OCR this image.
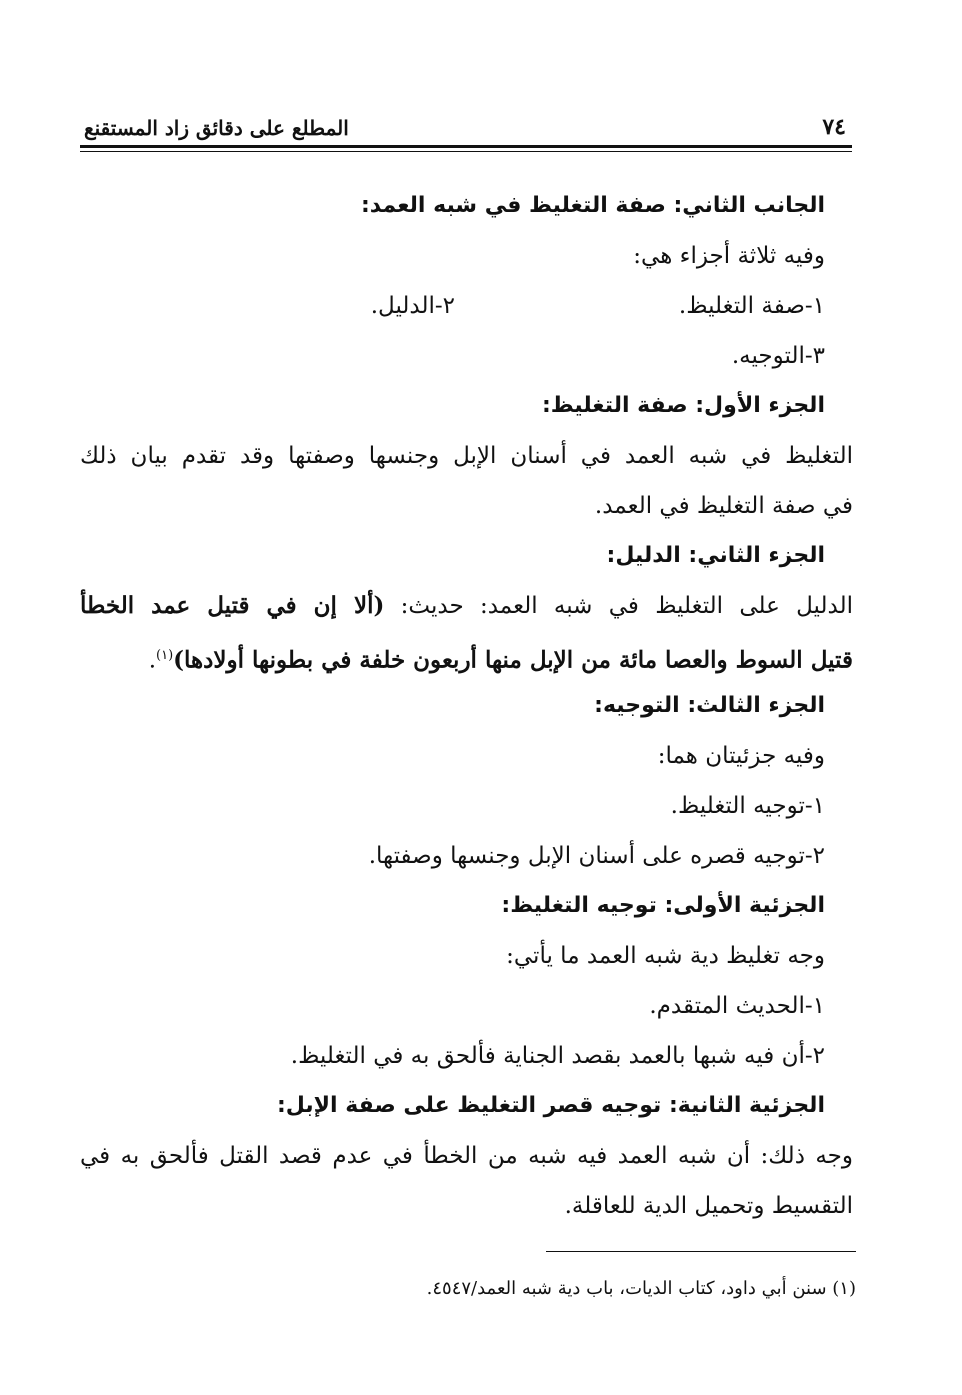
٧٤
المطلع على دقائق زاد المستقنع
الجانب الثاني: صفة التغليظ في شبه العمد:
وفيه ثلاثة أجزاء هي:
١-صفة التغليظ.
٢-الدليل.
٣-التوجيه.
الجزء الأول: صفة التغليظ:
التغليظ في شبه العمد في أسنان الإبل وجنسها وصفتها وقد تقدم بيان ذلك
في صفة التغليظ في العمد.
الجزء الثاني: الدليل:
الدليل على التغليظ في شبه العمد: حديث: (ألا إن في قتيل عمد الخطأ
قتيل السوط والعصا مائة من الإبل منها أربعون خلفة في بطونها أولادها)$^{(١)}$.
الجزء الثالث: التوجيه:
وفيه جزئيتان هما:
١-توجيه التغليظ.
٢-توجيه قصره على أسنان الإبل وجنسها وصفتها.
الجزئية الأولى: توجيه التغليظ:
وجه تغليظ دية شبه العمد ما يأتي:
١-الحديث المتقدم.
٢-أن فيه شبها بالعمد بقصد الجناية فألحق به في التغليظ.
الجزئية الثانية: توجيه قصر التغليظ على صفة الإبل:
وجه ذلك: أن شبه العمد فيه شبه من الخطأ في عدم قصد القتل فألحق به في
التقسيط وتحميل الدية للعاقلة.
(١) سنن أبي داود، كتاب الديات، باب دية شبه العمد/٤٥٤٧.
